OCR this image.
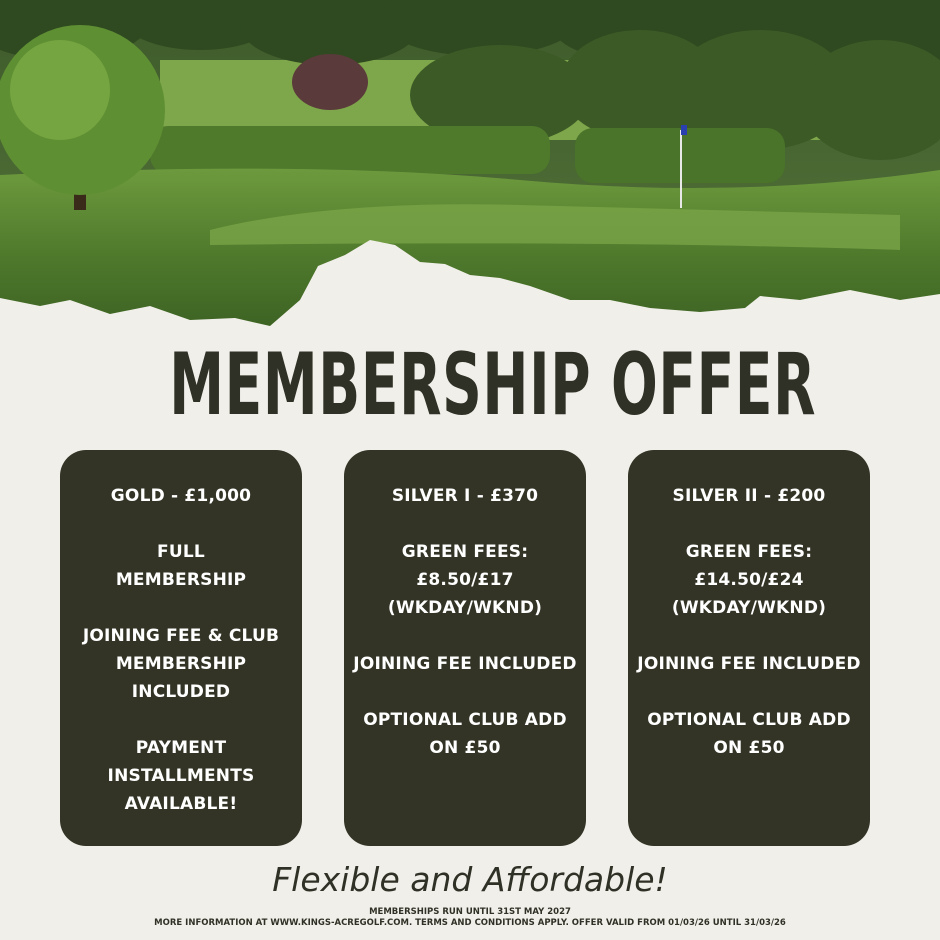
MEMBERSHIP OFFER
GOLD - £1,000
FULL
MEMBERSHIP
JOINING FEE & CLUB
MEMBERSHIP
INCLUDED
PAYMENT
INSTALLMENTS
AVAILABLE!
SILVER I - £370
GREEN FEES:
£8.50/£17
(WKDAY/WKND)
JOINING FEE INCLUDED
OPTIONAL CLUB ADD
ON £50
SILVER II - £200
GREEN FEES:
£14.50/£24
(WKDAY/WKND)
JOINING FEE INCLUDED
OPTIONAL CLUB ADD
ON £50
Flexible and Affordable!
MEMBERSHIPS RUN UNTIL 31ST MAY 2027
MORE INFORMATION AT WWW.KINGS-ACREGOLF.COM. TERMS AND CONDITIONS APPLY. OFFER VALID FROM 01/03/26 UNTIL 31/03/26
